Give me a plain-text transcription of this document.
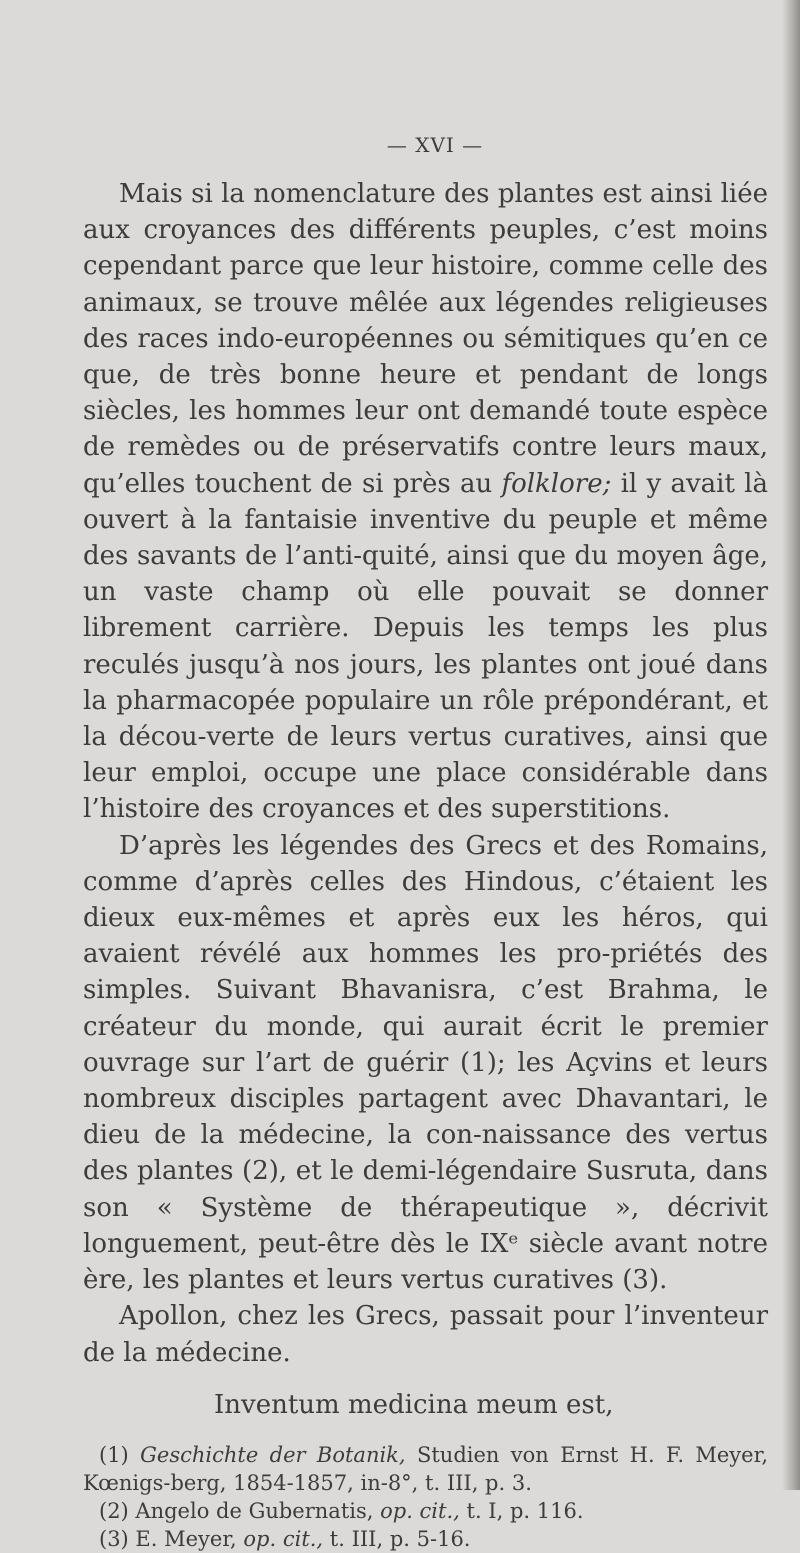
— XVI —

Mais si la nomenclature des plantes est ainsi liée aux croyances des différents peuples, c’est moins cependant parce que leur histoire, comme celle des animaux, se trouve mêlée aux légendes religieuses des races indo-européennes ou sémitiques qu’en ce que, de très bonne heure et pendant de longs siècles, les hommes leur ont demandé toute espèce de remèdes ou de préservatifs contre leurs maux, qu’elles touchent de si près au folklore; il y avait là ouvert à la fantaisie inventive du peuple et même des savants de l’anti-quité, ainsi que du moyen âge, un vaste champ où elle pouvait se donner librement carrière. Depuis les temps les plus reculés jusqu’à nos jours, les plantes ont joué dans la pharmacopée populaire un rôle prépondérant, et la décou-verte de leurs vertus curatives, ainsi que leur emploi, occupe une place considérable dans l’histoire des croyances et des superstitions.

D’après les légendes des Grecs et des Romains, comme d’après celles des Hindous, c’étaient les dieux eux-mêmes et après eux les héros, qui avaient révélé aux hommes les pro-priétés des simples. Suivant Bhavanisra, c’est Brahma, le créateur du monde, qui aurait écrit le premier ouvrage sur l’art de guérir (1); les Açvins et leurs nombreux disciples partagent avec Dhavantari, le dieu de la médecine, la con-naissance des vertus des plantes (2), et le demi-légendaire Susruta, dans son « Système de thérapeutique », décrivit longuement, peut-être dès le IXᵉ siècle avant notre ère, les plantes et leurs vertus curatives (3).

Apollon, chez les Grecs, passait pour l’inventeur de la médecine.

Inventum medicina meum est,

(1) Geschichte der Botanik, Studien von Ernst H. F. Meyer, Kœnigs-berg, 1854-1857, in-8°, t. III, p. 3.

(2) Angelo de Gubernatis, op. cit., t. I, p. 116.

(3) E. Meyer, op. cit., t. III, p. 5-16.
